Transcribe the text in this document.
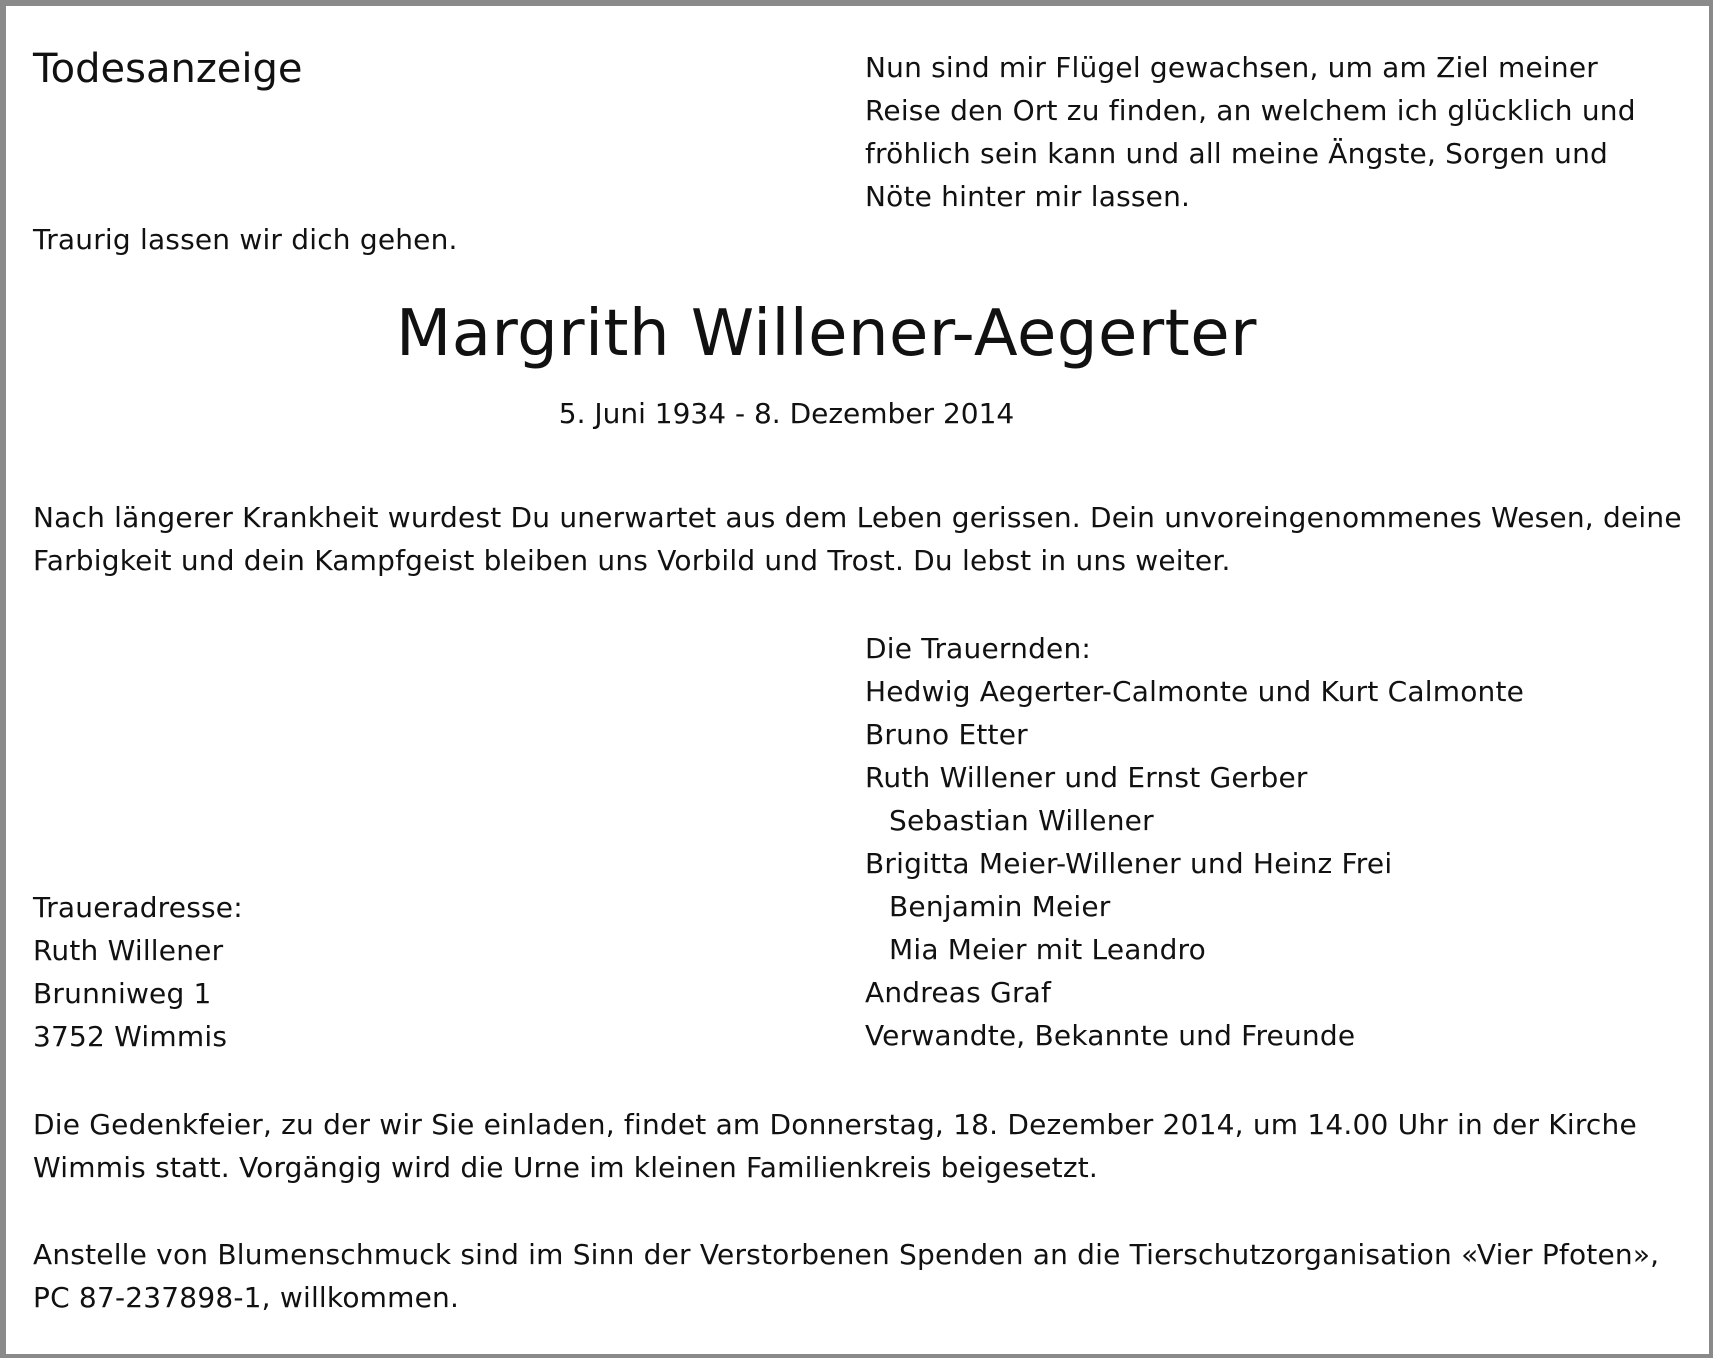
Todesanzeige	Nun sind mir Flügel gewachsen, um am Ziel meiner
Reise den Ort zu finden, an welchem ich glücklich und
fröhlich sein kann und all meine Ängste, Sorgen und
Nöte hinter mir lassen.
Traurig lassen wir dich gehen.
Margrith Willener-Aegerter
5. Juni 1934 - 8. Dezember 2014
Nach längerer Krankheit wurdest Du unerwartet aus dem Leben gerissen. Dein unvoreingenommenes Wesen, deine
Farbigkeit und dein Kampfgeist bleiben uns Vorbild und Trost. Du lebst in uns weiter.
Die Trauernden:
Hedwig Aegerter-Calmonte und Kurt Calmonte
Bruno Etter
Ruth Willener und Ernst Gerber
Sebastian Willener
Brigitta Meier-Willener und Heinz Frei
Benjamin Meier
Mia Meier mit Leandro
Andreas Graf
Verwandte, Bekannte und Freunde
Traueradresse:
Ruth Willener
Brunniweg 1
3752 Wimmis
Die Gedenkfeier, zu der wir Sie einladen, findet am Donnerstag, 18. Dezember 2014, um 14.00 Uhr in der Kirche
Wimmis statt. Vorgängig wird die Urne im kleinen Familienkreis beigesetzt.
Anstelle von Blumenschmuck sind im Sinn der Verstorbenen Spenden an die Tierschutzorganisation «Vier Pfoten»,
PC 87-237898-1, willkommen.
